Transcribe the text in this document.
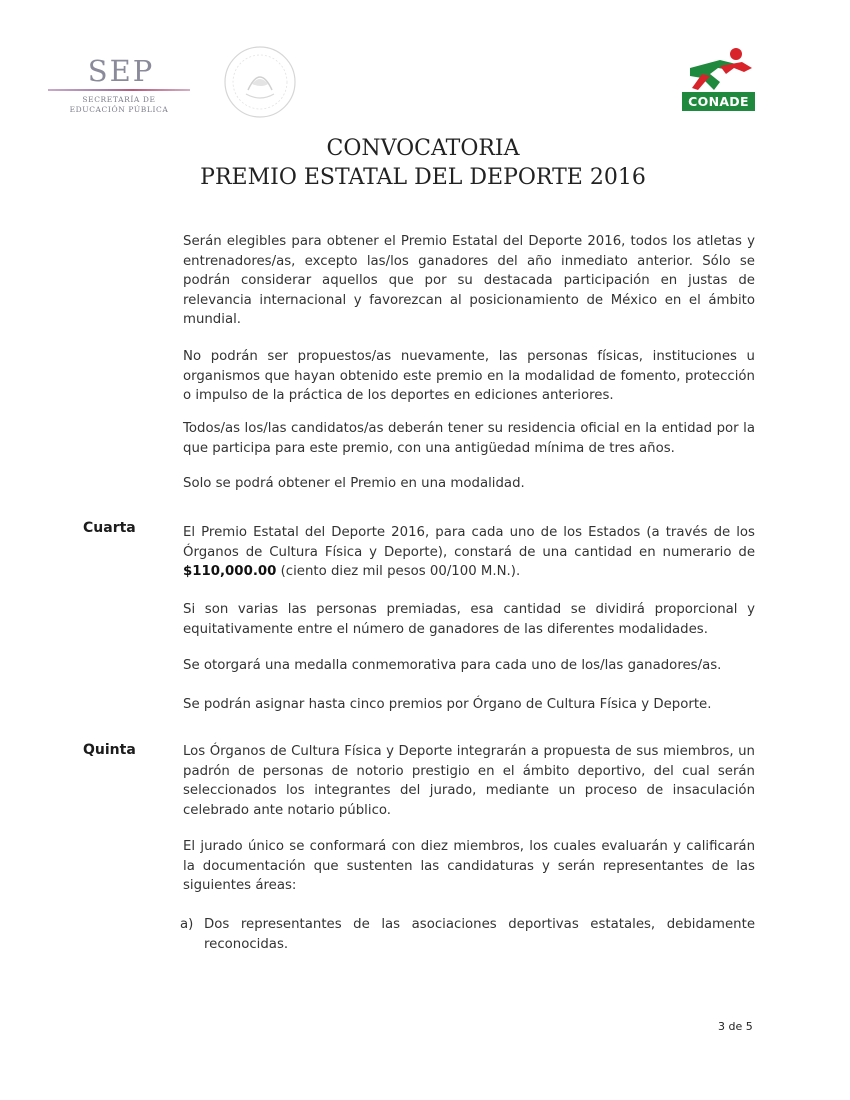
SEP
SECRETARÍA DE
EDUCACIÓN PÚBLICA
CONADE
CONVOCATORIA
PREMIO ESTATAL DEL DEPORTE 2016
Serán elegibles para obtener el Premio Estatal del Deporte 2016, todos los atletas y entrenadores/as, excepto las/los ganadores del año inmediato anterior. Sólo se podrán considerar aquellos que por su destacada participación en justas de relevancia internacional y favorezcan al posicionamiento de México en el ámbito mundial.
No podrán ser propuestos/as nuevamente, las personas físicas, instituciones u organismos que hayan obtenido este premio en la modalidad de fomento, protección o impulso de la práctica de los deportes en ediciones anteriores.
Todos/as los/las candidatos/as deberán tener su residencia oficial en la entidad por la que participa para este premio, con una antigüedad mínima de tres años.
Solo se podrá obtener el Premio en una modalidad.
Cuarta	El Premio Estatal del Deporte 2016, para cada uno de los Estados (a través de los Órganos de Cultura Física y Deporte), constará de una cantidad en numerario de $110,000.00 (ciento diez mil pesos 00/100 M.N.).
Si son varias las personas premiadas, esa cantidad se dividirá proporcional y equitativamente entre el número de ganadores de las diferentes modalidades.
Se otorgará una medalla conmemorativa para cada uno de los/las ganadores/as.
Se podrán asignar hasta cinco premios por Órgano de Cultura Física y Deporte.
Quinta	Los Órganos de Cultura Física y Deporte integrarán a propuesta de sus miembros, un padrón de personas de notorio prestigio en el ámbito deportivo, del cual serán seleccionados los integrantes del jurado, mediante un proceso de insaculación celebrado ante notario público.
El jurado único se conformará con diez miembros, los cuales evaluarán y calificarán la documentación que sustenten las candidaturas y serán representantes de las siguientes áreas:
a) Dos representantes de las asociaciones deportivas estatales, debidamente reconocidas.
3 de 5
